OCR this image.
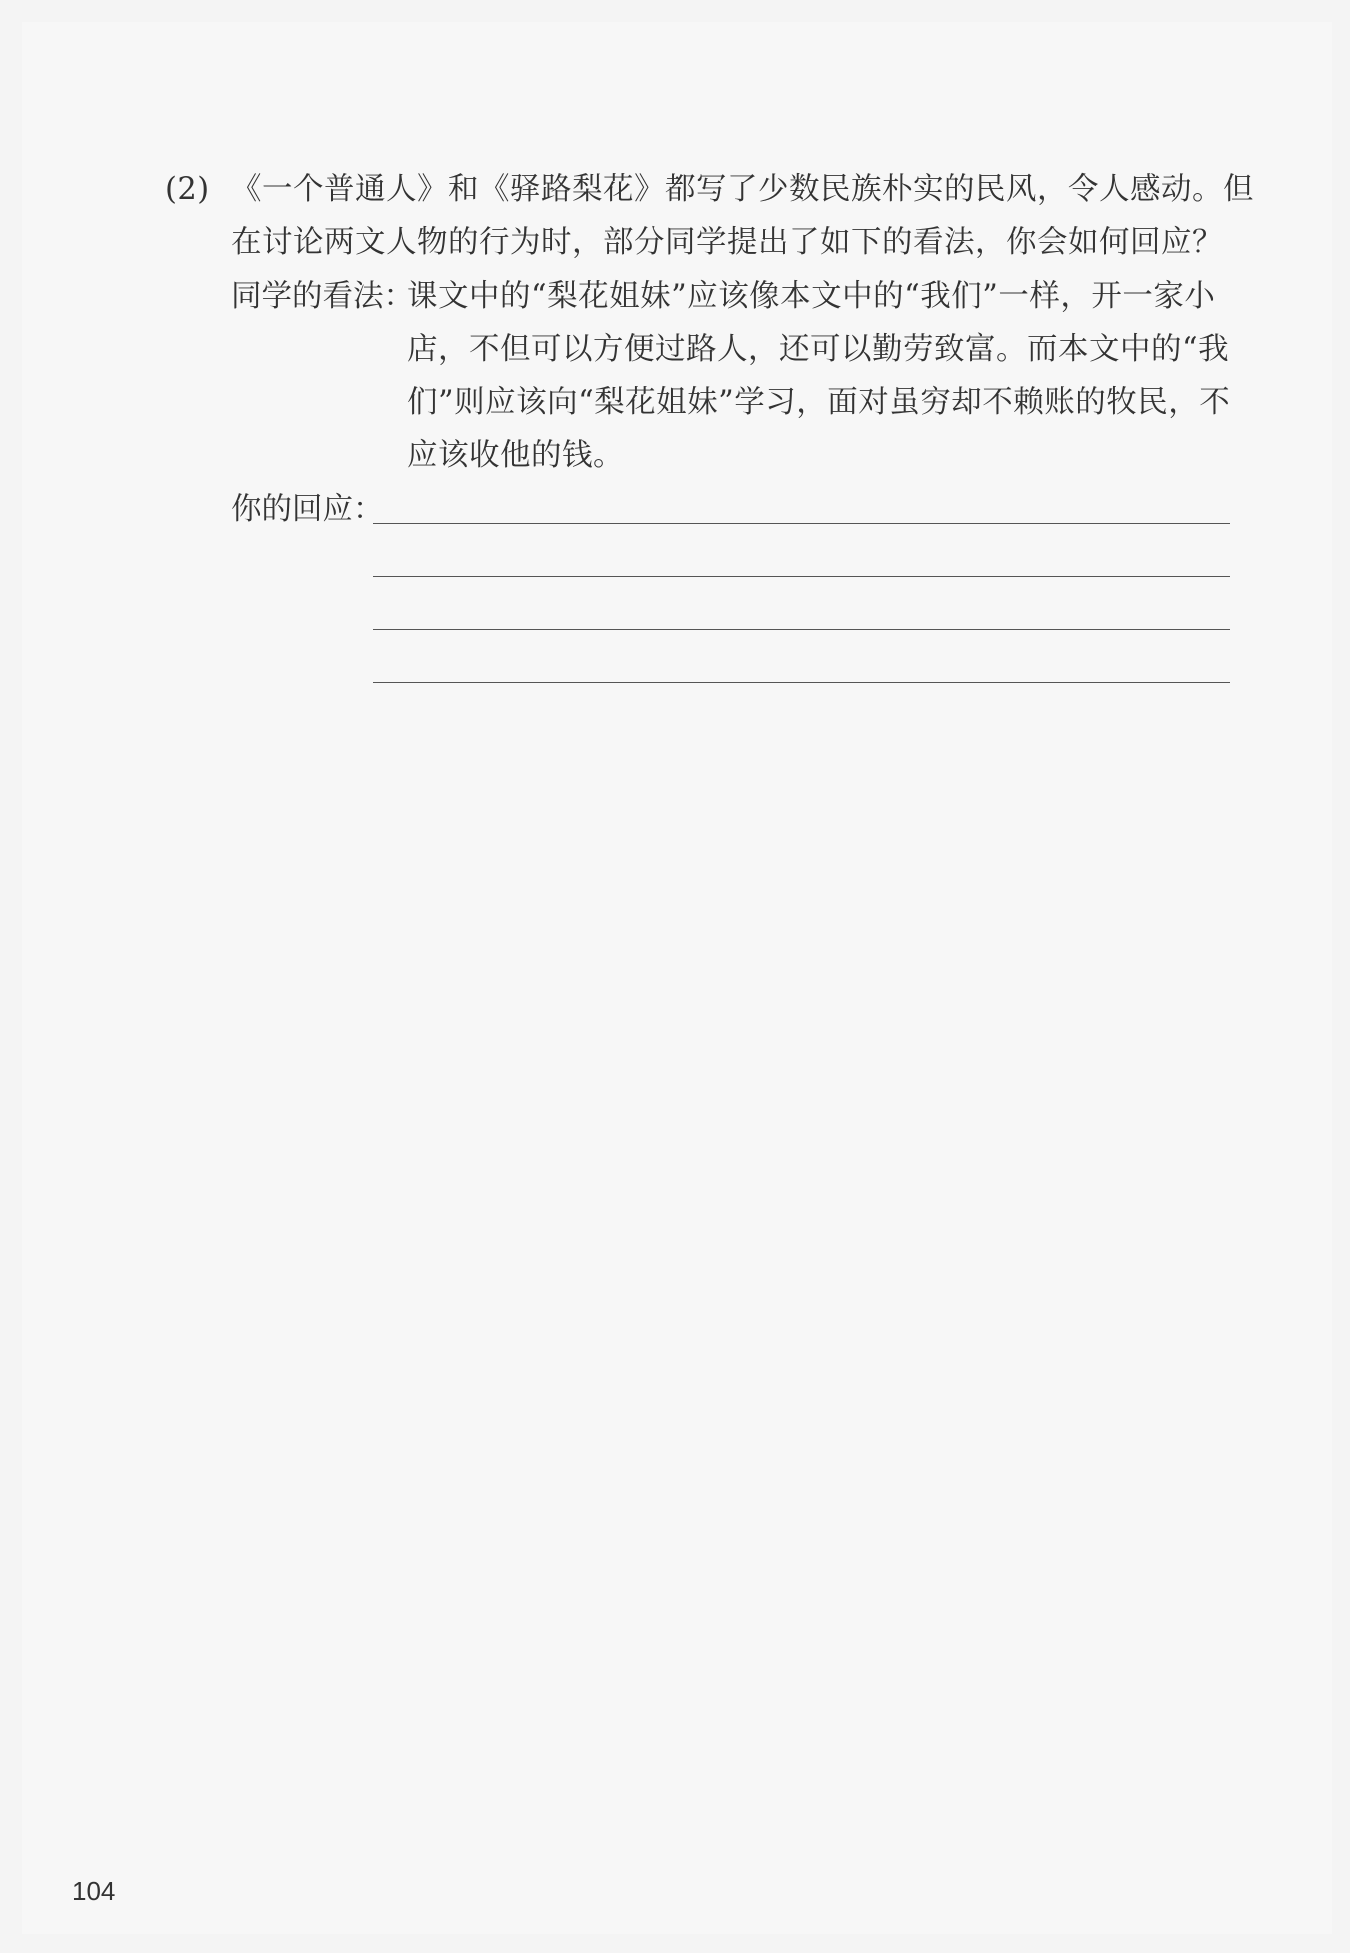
(2) 《一个普通人》和《驿路梨花》都写了少数民族朴实的民风，令人感动。但
在讨论两文人物的行为时，部分同学提出了如下的看法，你会如何回应？
同学的看法：
课文中的“梨花姐妹”应该像本文中的“我们”一样，开一家小
店，不但可以方便过路人，还可以勤劳致富。而本文中的“我
们”则应该向“梨花姐妹”学习，面对虽穷却不赖账的牧民，不
应该收他的钱。
你的回应：
104
